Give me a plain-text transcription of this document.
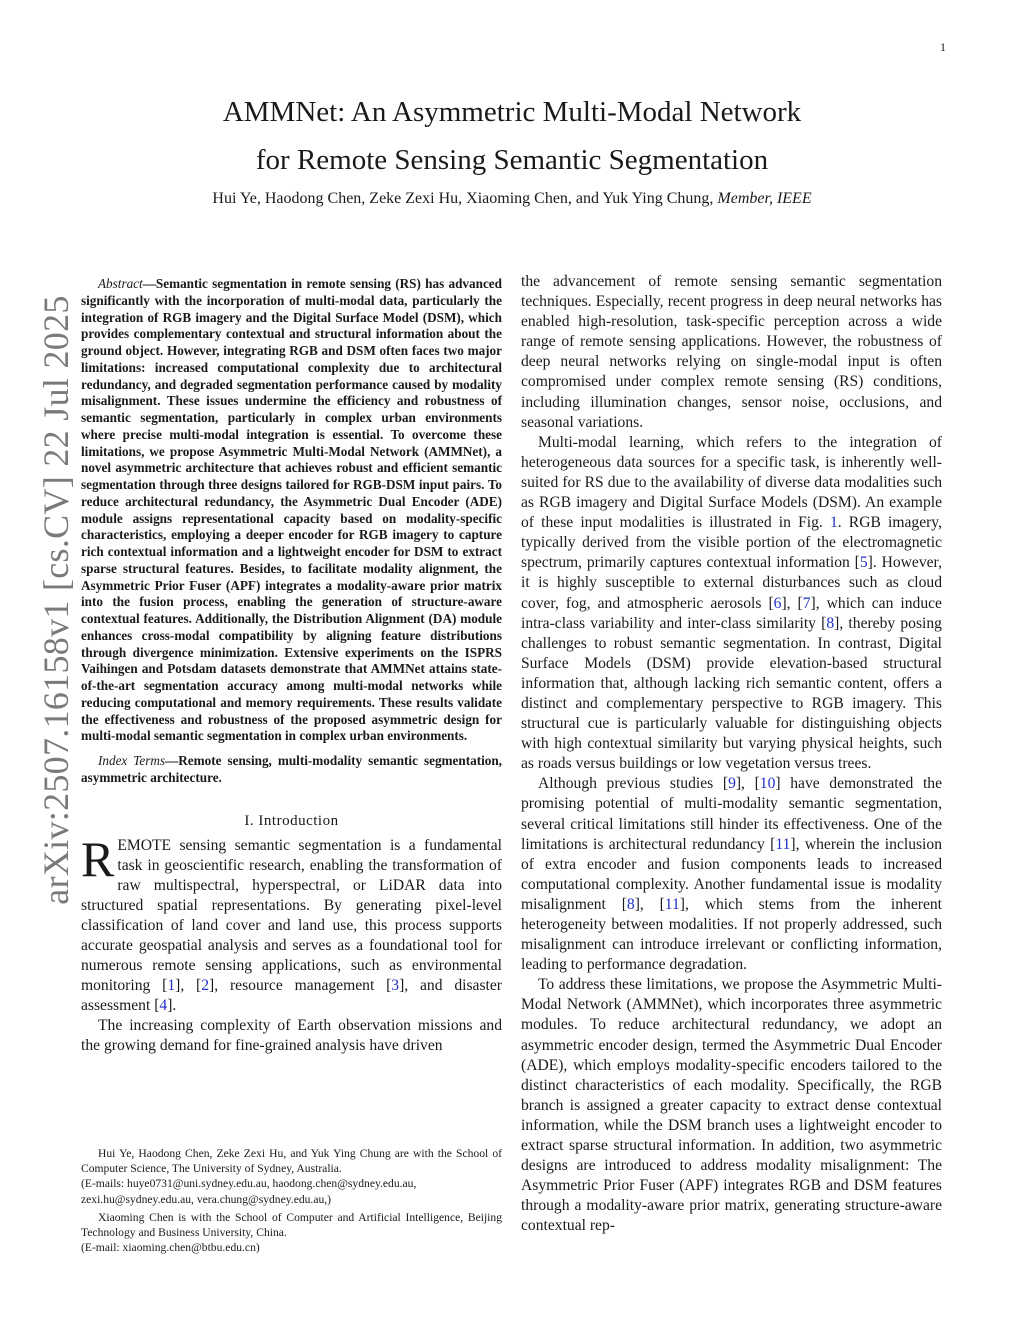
1
arXiv:2507.16158v1 [cs.CV] 22 Jul 2025
AMMNet: An Asymmetric Multi-Modal Network
for Remote Sensing Semantic Segmentation
Hui Ye, Haodong Chen, Zeke Zexi Hu, Xiaoming Chen, and Yuk Ying Chung, Member, IEEE

Abstract—Semantic segmentation in remote sensing (RS) has advanced significantly with the incorporation of multi-modal data, particularly the integration of RGB imagery and the Digital Surface Model (DSM), which provides complementary contextual and structural information about the ground object. However, integrating RGB and DSM often faces two major limitations: increased computational complexity due to architectural redundancy, and degraded segmentation performance caused by modality misalignment. These issues undermine the efficiency and robustness of semantic segmentation, particularly in complex urban environments where precise multi-modal integration is essential. To overcome these limitations, we propose Asymmetric Multi-Modal Network (AMMNet), a novel asymmetric architecture that achieves robust and efficient semantic segmentation through three designs tailored for RGB-DSM input pairs. To reduce architectural redundancy, the Asymmetric Dual Encoder (ADE) module assigns representational capacity based on modality-specific characteristics, employing a deeper encoder for RGB imagery to capture rich contextual information and a lightweight encoder for DSM to extract sparse structural features. Besides, to facilitate modality alignment, the Asymmetric Prior Fuser (APF) integrates a modality-aware prior matrix into the fusion process, enabling the generation of structure-aware contextual features. Additionally, the Distribution Alignment (DA) module enhances cross-modal compatibility by aligning feature distributions through divergence minimization. Extensive experiments on the ISPRS Vaihingen and Potsdam datasets demonstrate that AMMNet attains state-of-the-art segmentation accuracy among multi-modal networks while reducing computational and memory requirements. These results validate the effectiveness and robustness of the proposed asymmetric design for multi-modal semantic segmentation in complex urban environments.

Index Terms—Remote sensing, multi-modality semantic segmentation, asymmetric architecture.

I. Introduction

REMOTE sensing semantic segmentation is a fundamental task in geoscientific research, enabling the transformation of raw multispectral, hyperspectral, or LiDAR data into structured spatial representations. By generating pixel-level classification of land cover and land use, this process supports accurate geospatial analysis and serves as a foundational tool for numerous remote sensing applications, such as environmental monitoring [1], [2], resource management [3], and disaster assessment [4].

The increasing complexity of Earth observation missions and the growing demand for fine-grained analysis have driven

Hui Ye, Haodong Chen, Zeke Zexi Hu, and Yuk Ying Chung are with the School of Computer Science, The University of Sydney, Australia.

(E-mails: huye0731@uni.sydney.edu.au, haodong.chen@sydney.edu.au,

zexi.hu@sydney.edu.au, vera.chung@sydney.edu.au,)

Xiaoming Chen is with the School of Computer and Artificial Intelligence, Beijing Technology and Business University, China.

(E-mail: xiaoming.chen@btbu.edu.cn)

the advancement of remote sensing semantic segmentation techniques. Especially, recent progress in deep neural networks has enabled high-resolution, task-specific perception across a wide range of remote sensing applications. However, the robustness of deep neural networks relying on single-modal input is often compromised under complex remote sensing (RS) conditions, including illumination changes, sensor noise, occlusions, and seasonal variations.

Multi-modal learning, which refers to the integration of heterogeneous data sources for a specific task, is inherently well-suited for RS due to the availability of diverse data modalities such as RGB imagery and Digital Surface Models (DSM). An example of these input modalities is illustrated in Fig. 1. RGB imagery, typically derived from the visible portion of the electromagnetic spectrum, primarily captures contextual information [5]. However, it is highly susceptible to external disturbances such as cloud cover, fog, and atmospheric aerosols [6], [7], which can induce intra-class variability and inter-class similarity [8], thereby posing challenges to robust semantic segmentation. In contrast, Digital Surface Models (DSM) provide elevation-based structural information that, although lacking rich semantic content, offers a distinct and complementary perspective to RGB imagery. This structural cue is particularly valuable for distinguishing objects with high contextual similarity but varying physical heights, such as roads versus buildings or low vegetation versus trees.

Although previous studies [9], [10] have demonstrated the promising potential of multi-modality semantic segmentation, several critical limitations still hinder its effectiveness. One of the limitations is architectural redundancy [11], wherein the inclusion of extra encoder and fusion components leads to increased computational complexity. Another fundamental issue is modality misalignment [8], [11], which stems from the inherent heterogeneity between modalities. If not properly addressed, such misalignment can introduce irrelevant or conflicting information, leading to performance degradation.

To address these limitations, we propose the Asymmetric Multi-Modal Network (AMMNet), which incorporates three asymmetric modules. To reduce architectural redundancy, we adopt an asymmetric encoder design, termed the Asymmetric Dual Encoder (ADE), which employs modality-specific encoders tailored to the distinct characteristics of each modality. Specifically, the RGB branch is assigned a greater capacity to extract dense contextual information, while the DSM branch uses a lightweight encoder to extract sparse structural information. In addition, two asymmetric designs are introduced to address modality misalignment: The Asymmetric Prior Fuser (APF) integrates RGB and DSM features through a modality-aware prior matrix, generating structure-aware contextual rep-
